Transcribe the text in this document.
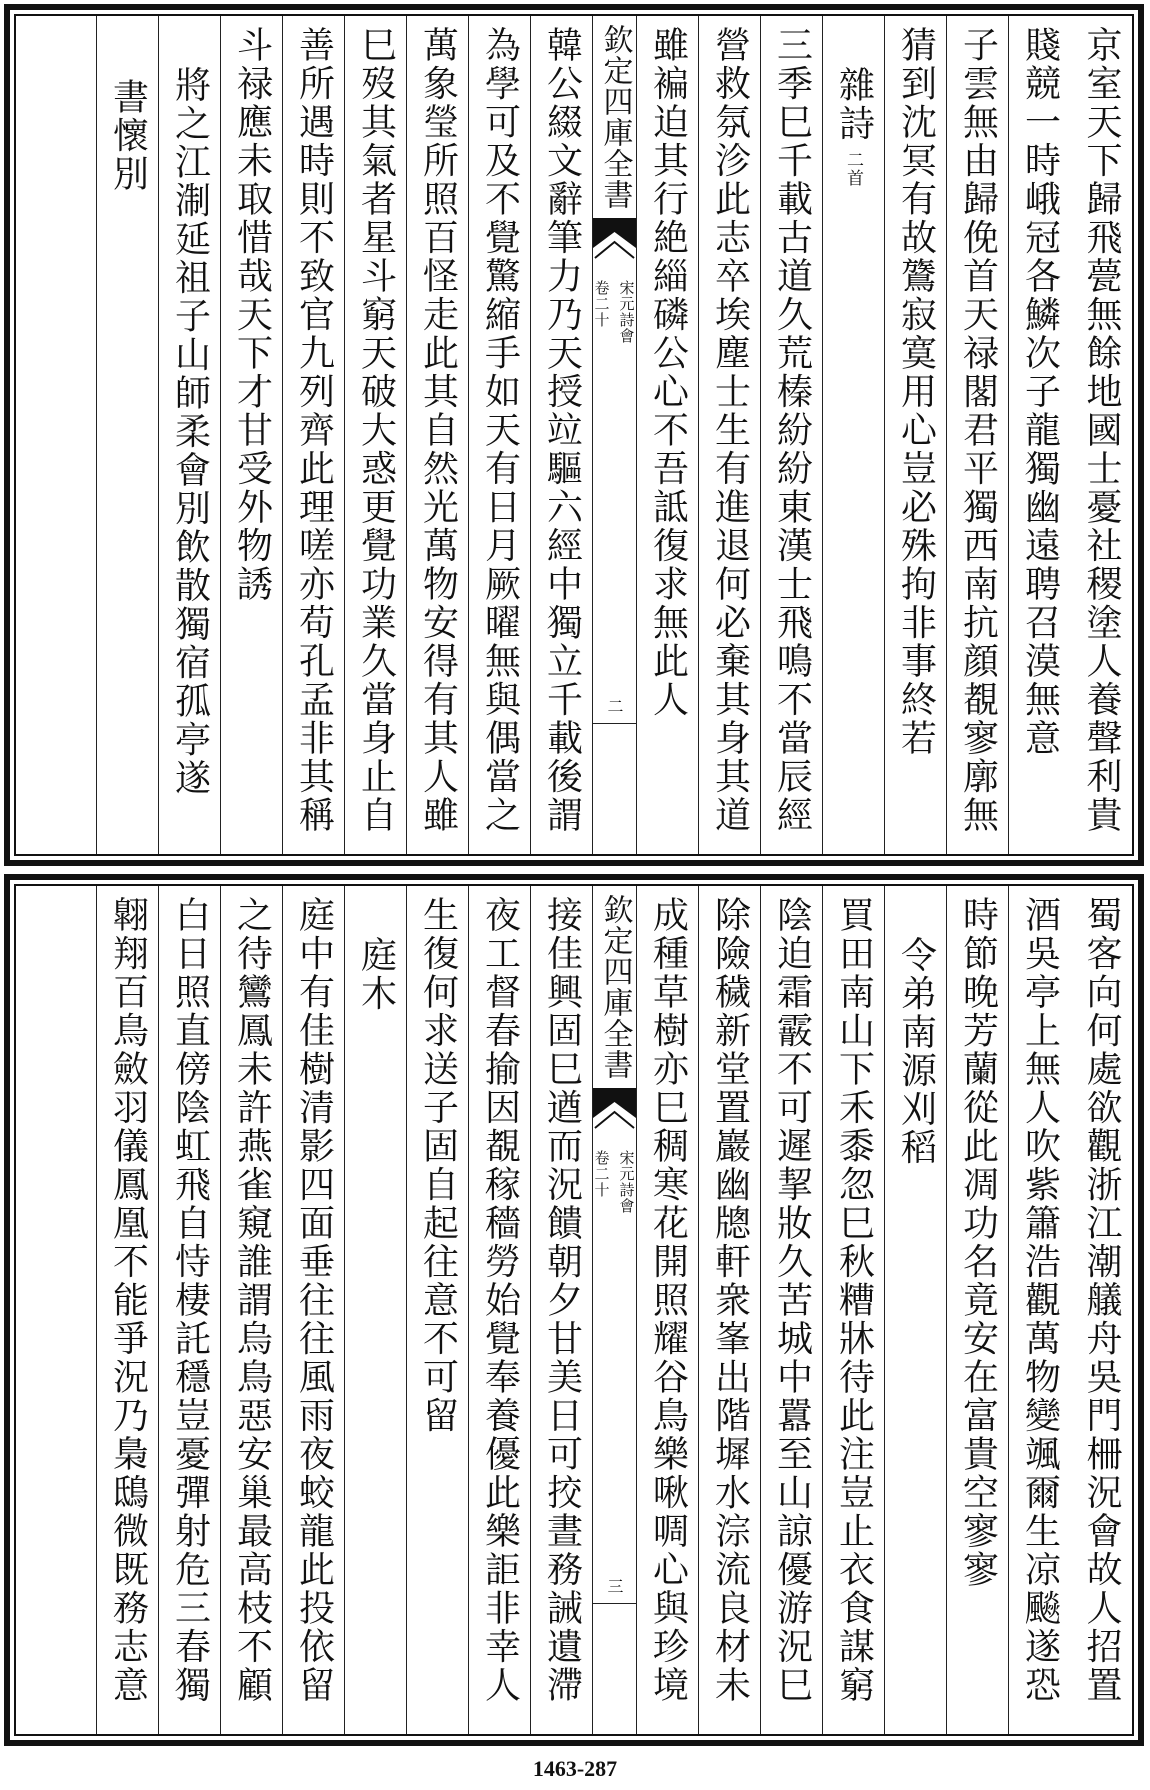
京室天下歸飛甍無餘地國士憂社稷塗人養聲利貴
賤競一時峨冠各鱗次子龍獨幽遠聘召漠無意
子雲無由歸俛首天禄閣君平獨西南抗顔覩寥廓無
猜到沈冥有故鷟寂寞用心豈必殊拘非事終若
雜詩
二首
三季巳千載古道久荒榛紛紛東漢士飛鳴不當辰經
營救氛沴此志卒埃塵士生有進退何必棄其身其道
雖褊迫其行絶緇磷公心不吾詆復求無此人
欽定四庫全書
宋元詩會
卷二十
二
韓公綴文辭筆力乃天授竝驅六經中獨立千載後謂
為學可及不覺驚縮手如天有日月厥曜無與偶當之
萬象瑩所照百怪走此其自然光萬物安得有其人雖
巳歿其氣者星斗窮天破大惑更覺功業久當身止自
善所遇時則不致官九列齊此理嗟亦苟孔孟非其稱
斗禄應未取惜哉天下才甘受外物誘
將之江淛延祖子山師柔會別飲散獨宿孤亭遂
書懷別
蜀客向何處欲觀浙江潮艤舟吳門柵況會故人招置
酒吳亭上無人吹紫簫浩觀萬物變颯爾生凉飈遂恐
時節晚芳蘭從此凋功名竟安在富貴空寥寥
令弟南源刈稻
買田南山下禾黍忽巳秋糟牀待此注豈止衣食謀窮
陰迫霜霰不可遲挈妝久苦城中囂至山諒優游況巳
除險穢新堂置巖幽牕軒衆峯出階墀水淙流良材未
成種草樹亦巳稠寒花開照耀谷鳥樂啾啁心與珍境
欽定四庫全書
宋元詩會
卷二十
三
接佳興固巳遒而況饋朝夕甘美日可挍晝務誡遺滯
夜工督春揄因覩稼穡勞始覺奉養優此樂詎非幸人
生復何求送子固自起往意不可留
庭木
庭中有佳樹清影四面垂往往風雨夜蛟龍此投依留
之待鸞鳳未許燕雀窺誰謂烏鳥惡安巢最高枝不顧
白日照直傍陰虹飛自恃棲託穩豈憂彈射危三春獨
翺翔百鳥斂羽儀鳳凰不能爭況乃梟鴟微既務志意
1463-287
